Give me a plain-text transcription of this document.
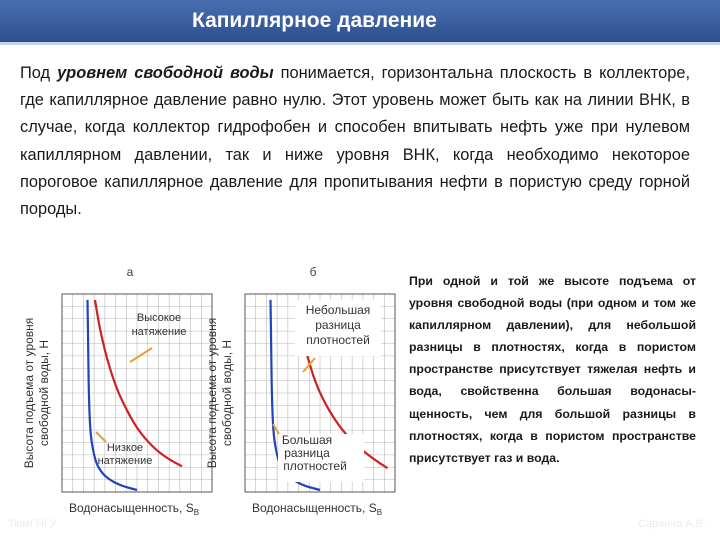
Капиллярное давление

Под уровнем свободной воды понимается, горизонтальна плоскость в коллекторе, где капиллярное давление равно нулю. Этот уровень может быть как на линии ВНК, в случае, когда коллектор гидрофобен и способен впитывать нефть уже при нулевом капиллярном давлении, так и ниже уровня ВНК, когда необходимо некоторое пороговое капиллярное давление для пропитывания нефти в пористую среду горной породы.

а
Высокое
натяжение
Низкое
натяжение
Высота подъема от уровня свободной воды, H
Водонасыщенность, $S_В$
б
Небольшая
разница
плотностей
Большая
разница
плотностей
Высота подъема от уровня свободной воды, H
Водонасыщенность, $S_В$

При одной и той же высоте подъема от уровня свободной воды (при одном и том же капиллярном давлении), для небольшой разницы в плотностях, когда в пористом пространстве присутствует тяжелая нефть и вода, свойственна большая водонасы-щенность, чем для большой разницы в плотностях, когда в пористом пространстве присутствует газ и вода.

ТюмГНГУ	Саранча А.В.
